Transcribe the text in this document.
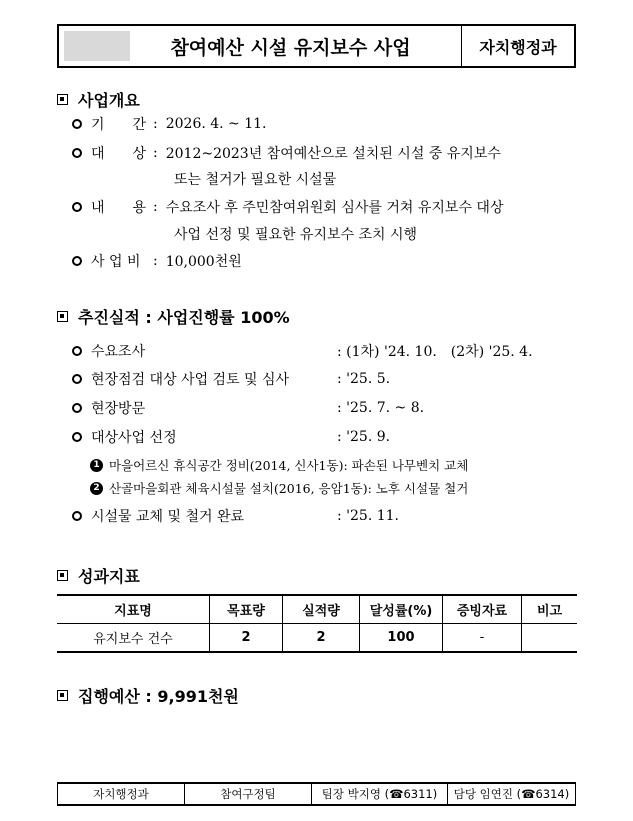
참여예산 시설 유지보수 사업	자치행정과
사업개요
기　　간 : 2026. 4. ~ 11.
대　　상 : 2012~2023년 참여예산으로 설치된 시설 중 유지보수
또는 철거가 필요한 시설물
내　　용 : 수요조사 후 주민참여위원회 심사를 거쳐 유지보수 대상
사업 선정 및 필요한 유지보수 조치 시행
사 업 비 : 10,000천원
추진실적 : 사업진행률 100%
수요조사	: (1차) '24. 10.　(2차) '25. 4.
현장점검 대상 사업 검토 및 심사	: '25. 5.
현장방문	: '25. 7. ~ 8.
대상사업 선정	: '25. 9.
1 마을어르신 휴식공간 정비(2014, 신사1동): 파손된 나무벤치 교체
2 산골마을회관 체육시설물 설치(2016, 응암1동): 노후 시설물 철거
시설물 교체 및 철거 완료	: '25. 11.
성과지표
지표명	목표량	실적량	달성률(%)	증빙자료	비고
유지보수 건수	2	2	100	-	
집행예산 : 9,991천원
자치행정과	참여구정팀	팀장 박지영 (☎6311)	담당 임연진 (☎6314)
